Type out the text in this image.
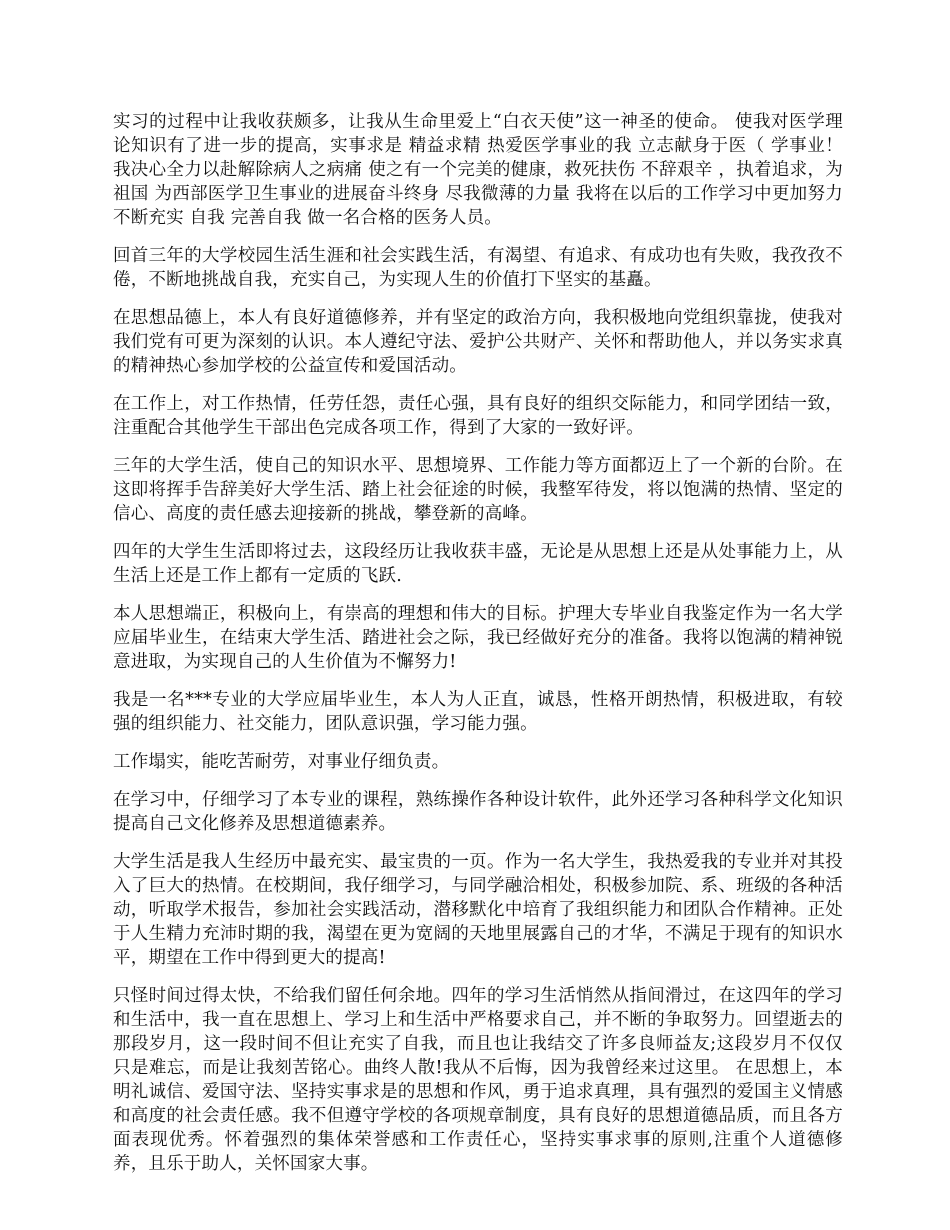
实习的过程中让我收获颇多，让我从生命里爱上“白衣天使”这一神圣的使命。 使我对医学理论知识有了进一步的提高，实事求是 精益求精 热爱医学事业的我 立志献身于医（ 学事业！ 我决心全力以赴解除病人之病痛 使之有一个完美的健康，救死扶伤 不辞艰辛 ，执着追求，为祖国 为西部医学卫生事业的进展奋斗终身 尽我微薄的力量 我将在以后的工作学习中更加努力 不断充实 自我 完善自我 做一名合格的医务人员。

回首三年的大学校园生活生涯和社会实践生活，有渴望、有追求、有成功也有失败，我孜孜不倦，不断地挑战自我，充实自己，为实现人生的价值打下坚实的基矗。

在思想品德上，本人有良好道德修养，并有坚定的政治方向，我积极地向党组织靠拢，使我对我们党有可更为深刻的认识。本人遵纪守法、爱护公共财产、关怀和帮助他人，并以务实求真的精神热心参加学校的公益宣传和爱国活动。

在工作上，对工作热情，任劳任怨，责任心强，具有良好的组织交际能力，和同学团结一致，注重配合其他学生干部出色完成各项工作，得到了大家的一致好评。

三年的大学生活，使自己的知识水平、思想境界、工作能力等方面都迈上了一个新的台阶。在这即将挥手告辞美好大学生活、踏上社会征途的时候，我整军待发，将以饱满的热情、坚定的信心、高度的责任感去迎接新的挑战，攀登新的高峰。

四年的大学生生活即将过去，这段经历让我收获丰盛，无论是从思想上还是从处事能力上，从生活上还是工作上都有一定质的飞跃.

本人思想端正，积极向上，有崇高的理想和伟大的目标。护理大专毕业自我鉴定作为一名大学应届毕业生，在结束大学生活、踏进社会之际，我已经做好充分的准备。我将以饱满的精神锐意进取，为实现自己的人生价值为不懈努力!

我是一名***专业的大学应届毕业生，本人为人正直，诚恳，性格开朗热情，积极进取，有较强的组织能力、社交能力，团队意识强，学习能力强。

工作塌实，能吃苦耐劳，对事业仔细负责。

在学习中，仔细学习了本专业的课程，熟练操作各种设计软件，此外还学习各种科学文化知识提高自己文化修养及思想道德素养。

大学生活是我人生经历中最充实、最宝贵的一页。作为一名大学生，我热爱我的专业并对其投入了巨大的热情。在校期间，我仔细学习，与同学融洽相处，积极参加院、系、班级的各种活动，听取学术报告，参加社会实践活动，潜移默化中培育了我组织能力和团队合作精神。正处于人生精力充沛时期的我，渴望在更为宽阔的天地里展露自己的才华，不满足于现有的知识水平，期望在工作中得到更大的提高!

只怪时间过得太快，不给我们留任何余地。四年的学习生活悄然从指间滑过，在这四年的学习和生活中，我一直在思想上、学习上和生活中严格要求自己，并不断的争取努力。回望逝去的那段岁月，这一段时间不但让充实了自我，而且也让我结交了许多良师益友;这段岁月不仅仅只是难忘，而是让我刻苦铭心。曲终人散!我从不后悔，因为我曾经来过这里。 在思想上，本明礼诚信、爱国守法、坚持实事求是的思想和作风，勇于追求真理，具有强烈的爱国主义情感和高度的社会责任感。我不但遵守学校的各项规章制度，具有良好的思想道德品质，而且各方面表现优秀。怀着强烈的集体荣誉感和工作责任心，坚持实事求事的原则,注重个人道德修养，且乐于助人，关怀国家大事。
